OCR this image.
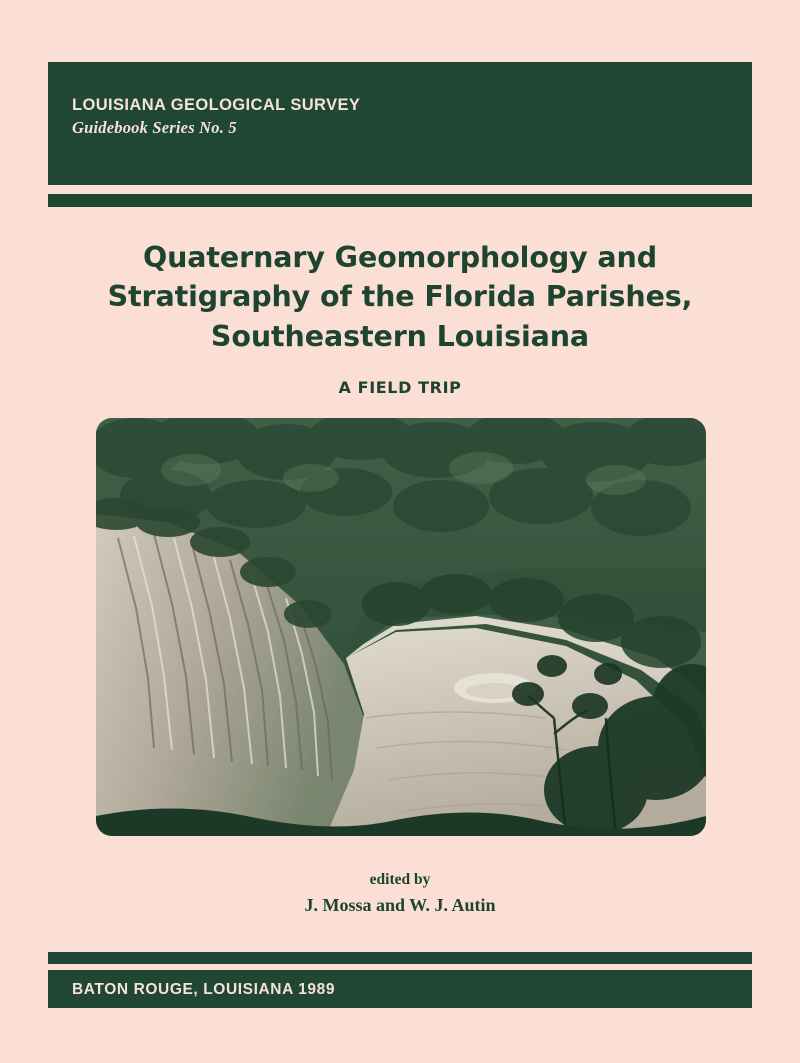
LOUISIANA GEOLOGICAL SURVEY
Guidebook Series No. 5
Quaternary Geomorphology and
Stratigraphy of the Florida Parishes,
Southeastern Louisiana
A FIELD TRIP
edited by
J. Mossa and W. J. Autin
BATON ROUGE, LOUISIANA 1989
